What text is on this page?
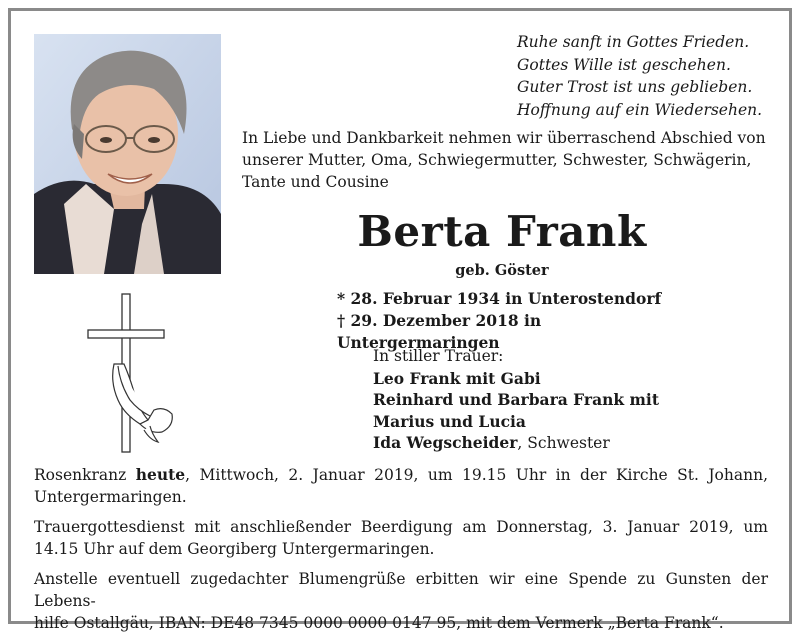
Ruhe sanft in Gottes Frieden.
Gottes Wille ist geschehen.
Guter Trost ist uns geblieben.
Hoffnung auf ein Wiedersehen.
In Liebe und Dankbarkeit nehmen wir überraschend Abschied von
unserer Mutter, Oma, Schwiegermutter, Schwester, Schwägerin,
Tante und Cousine
Berta Frank
geb. Göster
* 28. Februar 1934 in Unterostendorf
† 29. Dezember 2018 in Untergermaringen
In stiller Trauer:
Leo Frank mit Gabi
Reinhard und Barbara Frank mit
Marius und Lucia
Ida Wegscheider, Schwester

Rosenkranz heute, Mittwoch, 2. Januar 2019, um 19.15 Uhr in der Kirche St. Johann,
Untergermaringen.

Trauergottesdienst mit anschließender Beerdigung am Donnerstag, 3. Januar 2019, um
14.15 Uhr auf dem Georgiberg Untergermaringen.

Anstelle eventuell zugedachter Blumengrüße erbitten wir eine Spende zu Gunsten der Lebens-
hilfe Ostallgäu, IBAN: DE48 7345 0000 0000 0147 95, mit dem Vermerk „Berta Frank“.
